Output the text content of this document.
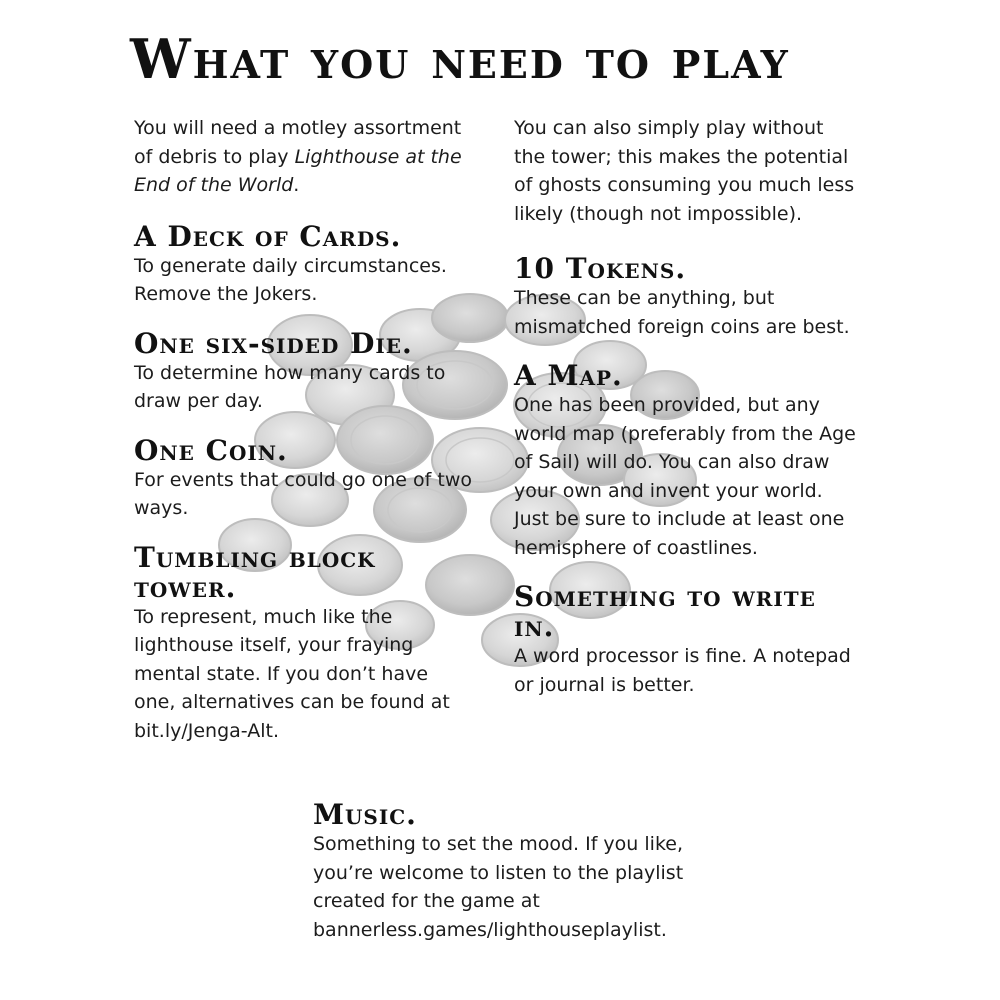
What you need to play

You will need a motley assortment of debris to play Lighthouse at the End of the World.

A Deck of Cards.

To generate daily circumstances. Remove the Jokers.

One six-sided Die.

To determine how many cards to draw per day.

One Coin.

For events that could go one of two ways.

Tumbling block tower.

To represent, much like the lighthouse itself, your fraying mental state. If you don’t have one, alternatives can be found at bit.ly/Jenga-Alt.

You can also simply play without the tower; this makes the potential of ghosts consuming you much less likely (though not impossible).

10 Tokens.

These can be anything, but mismatched foreign coins are best.

A Map.

One has been provided, but any world map (preferably from the Age of Sail) will do. You can also draw your own and invent your world. Just be sure to include at least one hemisphere of coastlines.

Something to write in.

A word processor is fine. A notepad or journal is better.

Music.

Something to set the mood. If you like, you’re welcome to listen to the playlist created for the game at bannerless.games/lighthouseplaylist.
